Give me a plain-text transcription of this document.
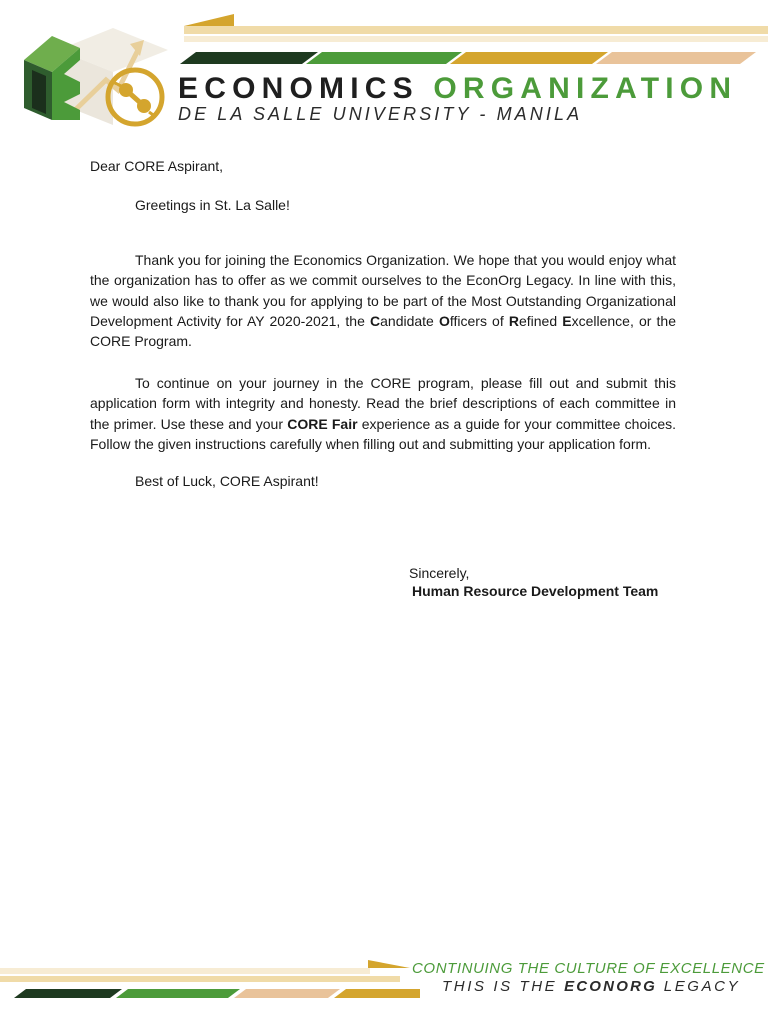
ECONOMICS ORGANIZATION
DE LA SALLE UNIVERSITY - MANILA

Dear CORE Aspirant,

Greetings in St. La Salle!

Thank you for joining the Economics Organization. We hope that you would enjoy what the organization has to offer as we commit ourselves to the EconOrg Legacy. In line with this, we would also like to thank you for applying to be part of the Most Outstanding Organizational Development Activity for AY 2020-2021, the Candidate Officers of Refined Excellence, or the CORE Program.

To continue on your journey in the CORE program, please fill out and submit this application form with integrity and honesty. Read the brief descriptions of each committee in the primer. Use these and your CORE Fair experience as a guide for your committee choices. Follow the given instructions carefully when filling out and submitting your application form.

Best of Luck, CORE Aspirant!

Sincerely,
Human Resource Development Team
CONTINUING THE CULTURE OF EXCELLENCE
THIS IS THE ECONORG LEGACY
